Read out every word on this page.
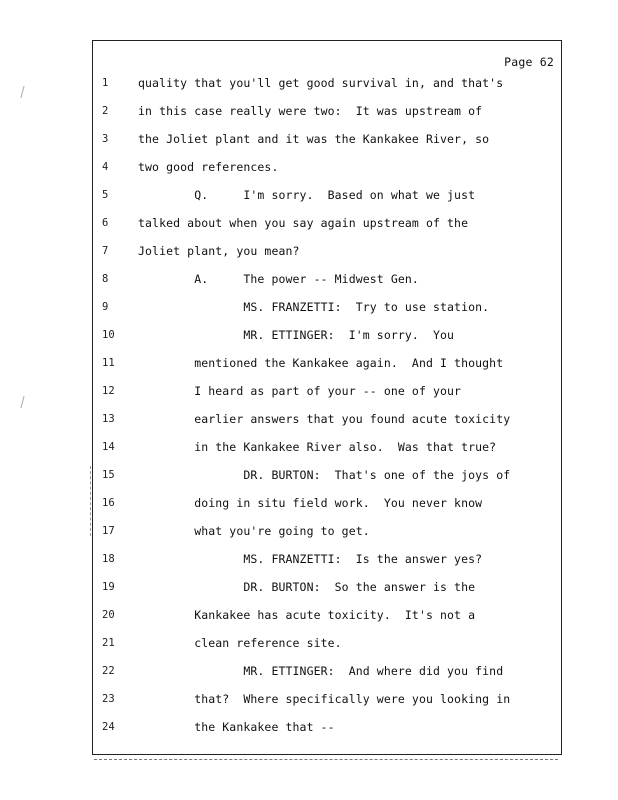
Page 62
1	quality that you'll get good survival in, and that's
2	in this case really were two:  It was upstream of
3	the Joliet plant and it was the Kankakee River, so
4	two good references.
5	Q.     I'm sorry.  Based on what we just
6	talked about when you say again upstream of the
7	Joliet plant, you mean?
8	A.     The power -- Midwest Gen.
9	MS. FRANZETTI:  Try to use station.
10	MR. ETTINGER:  I'm sorry.  You
11	mentioned the Kankakee again.  And I thought
12	I heard as part of your -- one of your
13	earlier answers that you found acute toxicity
14	in the Kankakee River also.  Was that true?
15	DR. BURTON:  That's one of the joys of
16	doing in situ field work.  You never know
17	what you're going to get.
18	MS. FRANZETTI:  Is the answer yes?
19	DR. BURTON:  So the answer is the
20	Kankakee has acute toxicity.  It's not a
21	clean reference site.
22	MR. ETTINGER:  And where did you find
23	that?  Where specifically were you looking in
24	the Kankakee that --
